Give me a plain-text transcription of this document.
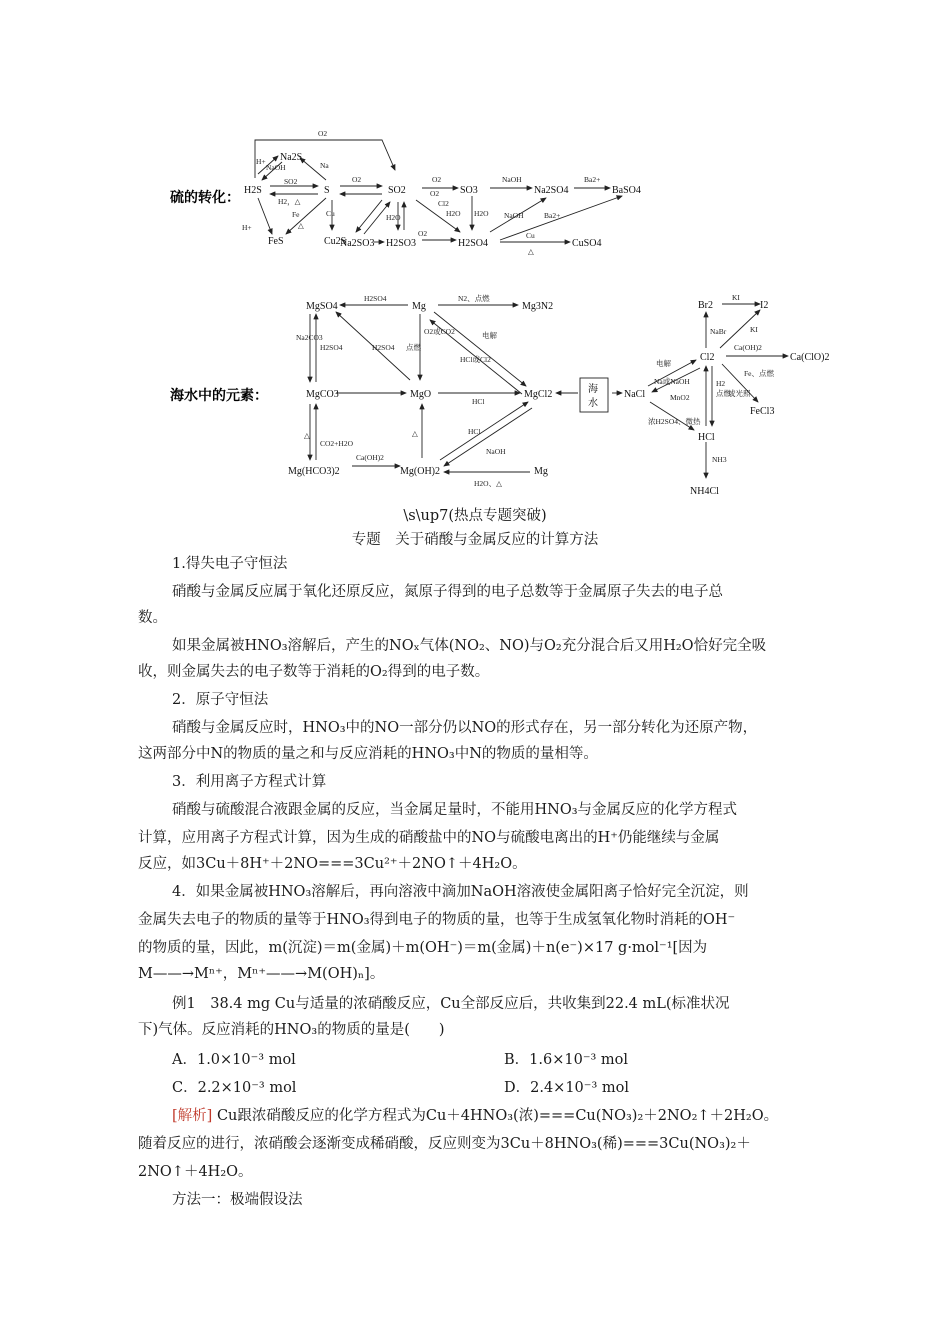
硫的转化： H2S	S	SO2	SO3	Na2SO4	BaSO4
Na2S
FeS	Cu2S
Na2SO3 H2SO3	H2SO4	CuSO4
O2
H+
NaOH
SO2
Na
H2，△
Fe
△
Cu
O2	O2	NaOH	Ba2+
Cl2
H2O
O2	Cu
△
H+
Ba2+
NaOH
H2O	H2O
O2
海水中的元素：
MgSO4	Mg	Mg3N2
MgCO3	MgO	MgCl2
Mg(HCO3)2	Mg(OH)2	Mg
海
水
NaCl
Br2	I2
Cl2	Ca(ClO)2
FeCl3
HCl
NH4Cl
H2SO4	N2、点燃
Na2CO3
H2SO4	H2SO4
O2或CO2
点燃
电解
HCl或Cl2
HCl
CO2+H2O
△	△	HCl
NaOH
Ca(OH)2
H2O、△
KI
NaBr	KI
Ca(OH)2
电解
Na或NaOH
MnO2
浓H2SO4、微热
H2
点燃
或光照
Fe、点燃
NH3
\s\up7(热点专题突破)
专题　关于硝酸与金属反应的计算方法
1.得失电子守恒法
硝酸与金属反应属于氧化还原反应，氮原子得到的电子总数等于金属原子失去的电子总
数。
如果金属被HNO₃溶解后，产生的NOₓ气体(NO₂、NO)与O₂充分混合后又用H₂O恰好完全吸
收，则金属失去的电子数等于消耗的O₂得到的电子数。
2．原子守恒法
硝酸与金属反应时，HNO₃中的NO一部分仍以NO的形式存在，另一部分转化为还原产物，
这两部分中N的物质的量之和与反应消耗的HNO₃中N的物质的量相等。
3．利用离子方程式计算
硝酸与硫酸混合液跟金属的反应，当金属足量时，不能用HNO₃与金属反应的化学方程式
计算，应用离子方程式计算，因为生成的硝酸盐中的NO与硫酸电离出的H⁺仍能继续与金属
反应，如3Cu＋8H⁺＋2NO===3Cu²⁺＋2NO↑＋4H₂O。
4．如果金属被HNO₃溶解后，再向溶液中滴加NaOH溶液使金属阳离子恰好完全沉淀，则
金属失去电子的物质的量等于HNO₃得到电子的物质的量，也等于生成氢氧化物时消耗的OH⁻
的物质的量，因此，m(沉淀)＝m(金属)＋m(OH⁻)＝m(金属)＋n(e⁻)×17 g·mol⁻¹[因为
M——→Mⁿ⁺，Mⁿ⁺——→M(OH)ₙ]。
例1　38.4 mg Cu与适量的浓硝酸反应，Cu全部反应后，共收集到22.4 mL(标准状况
下)气体。反应消耗的HNO₃的物质的量是(　　)
A．1.0×10⁻³ mol	B．1.6×10⁻³ mol
C．2.2×10⁻³ mol	D．2.4×10⁻³ mol
[解析] Cu跟浓硝酸反应的化学方程式为Cu＋4HNO₃(浓)===Cu(NO₃)₂＋2NO₂↑＋2H₂O。
随着反应的进行，浓硝酸会逐渐变成稀硝酸，反应则变为3Cu＋8HNO₃(稀)===3Cu(NO₃)₂＋
2NO↑＋4H₂O。
方法一：极端假设法
